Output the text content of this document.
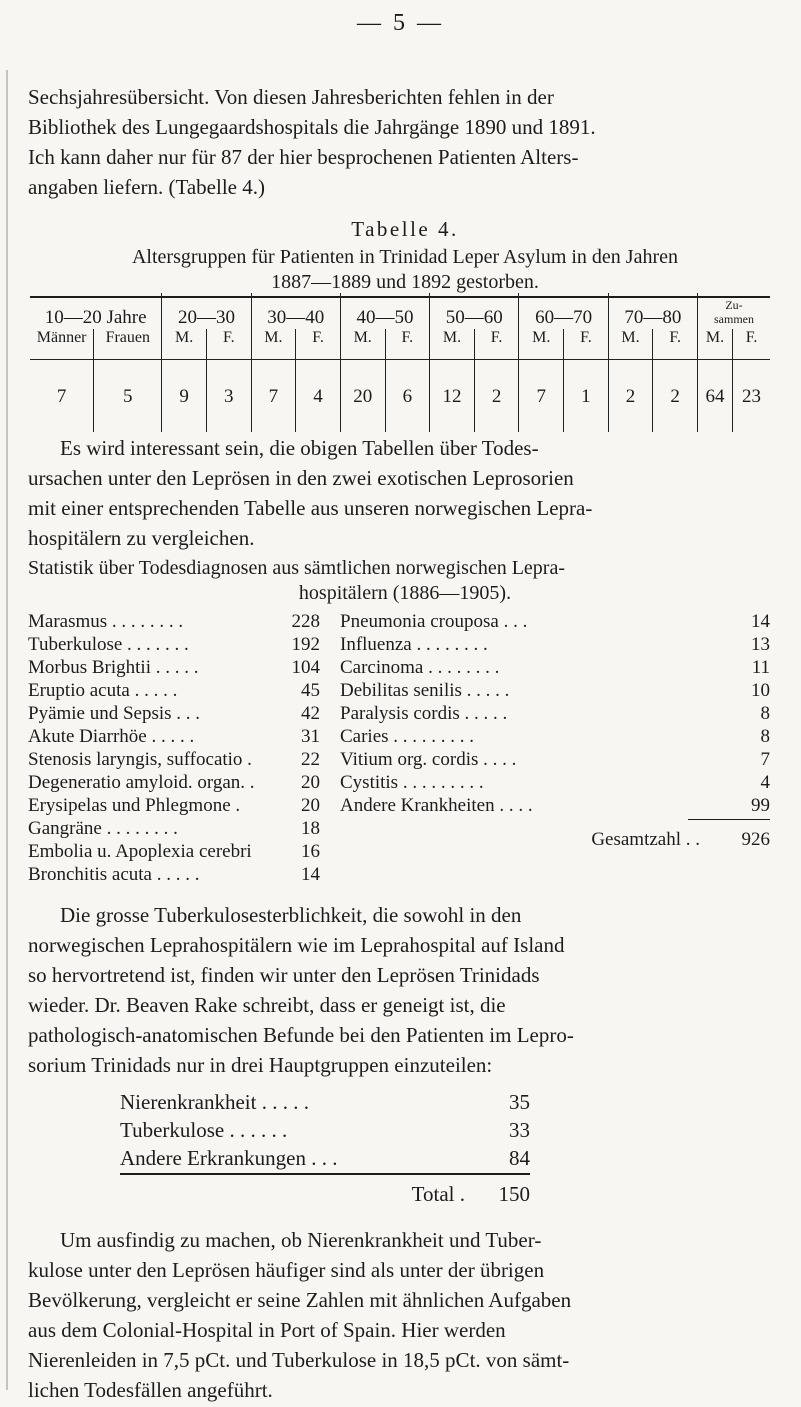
— 5 —
Sechsjahresübersicht. Von diesen Jahresberichten fehlen in der
Bibliothek des Lungegaardshospitals die Jahrgänge 1890 und 1891.
Ich kann daher nur für 87 der hier besprochenen Patienten Alters-
angaben liefern. (Tabelle 4.)
Tabelle 4.
Altersgruppen für Patienten in Trinidad Leper Asylum in den Jahren
1887—1889 und 1892 gestorben.
10—20 Jahre		20—30		30—40		40—50		50—60		60—70		70—80		Zu-
sammen	
Männer	Frauen	M.	F.	M.	F.	M.	F.	M.	F.	M.	F.	M.	F.	M.	F.

7	5	9	3	7	4	20	6	12	2	7	1	2	2	64	23
Es wird interessant sein, die obigen Tabellen über Todes-
ursachen unter den Leprösen in den zwei exotischen Leprosorien
mit einer entsprechenden Tabelle aus unseren norwegischen Lepra-
hospitälern zu vergleichen.
Statistik über Todesdiagnosen aus sämtlichen norwegischen Lepra-
hospitälern (1886—1905).
Marasmus . . . . . . . .	228
Tuberkulose . . . . . . .	192
Morbus Brightii . . . . .	104
Eruptio acuta . . . . .	45
Pyämie und Sepsis . . .	42
Akute Diarrhöe . . . . .	31
Stenosis laryngis, suffocatio .	22
Degeneratio amyloid. organ. . 20
Erysipelas und Phlegmone .	20
Gangräne . . . . . . . .	18
Embolia u. Apoplexia cerebri	16
Bronchitis acuta . . . . .	14
Pneumonia crouposa . . .	14
Influenza . . . . . . . .	13
Carcinoma . . . . . . . .	11
Debilitas senilis . . . . .	10
Paralysis cordis . . . . .	8
Caries . . . . . . . . .	8
Vitium org. cordis . . . .	7
Cystitis . . . . . . . . .	4
Andere Krankheiten . . . .	99
Gesamtzahl . . 926
Die grosse Tuberkulosesterblichkeit, die sowohl in den
norwegischen Leprahospitälern wie im Leprahospital auf Island
so hervortretend ist, finden wir unter den Leprösen Trinidads
wieder. Dr. Beaven Rake schreibt, dass er geneigt ist, die
pathologisch-anatomischen Befunde bei den Patienten im Lepro-
sorium Trinidads nur in drei Hauptgruppen einzuteilen:
Nierenkrankheit . . . . .	35
Tuberkulose . . . . . .	33
Andere Erkrankungen . . .	84
Total . 150
Um ausfindig zu machen, ob Nierenkrankheit und Tuber-
kulose unter den Leprösen häufiger sind als unter der übrigen
Bevölkerung, vergleicht er seine Zahlen mit ähnlichen Aufgaben
aus dem Colonial-Hospital in Port of Spain. Hier werden
Nierenleiden in 7,5 pCt. und Tuberkulose in 18,5 pCt. von sämt-
lichen Todesfällen angeführt.
